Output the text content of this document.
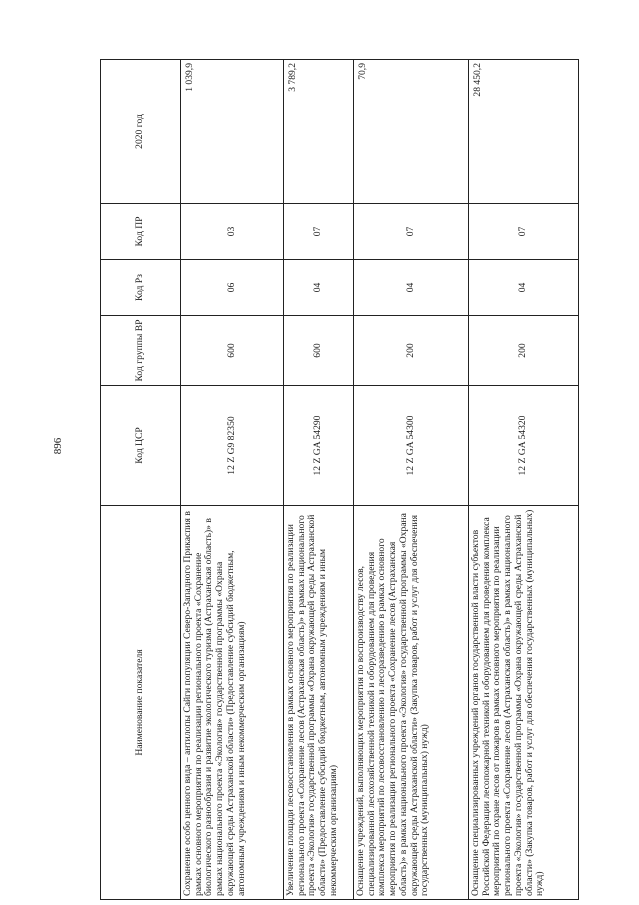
896
Наименование показателя	Код ЦСР	Код группы ВР	Код Рз	Код ПР	2020 год
Сохранение особо ценного вида – антилопы Сайги популяции Северо-Западного Прикаспия в рамках основного мероприятия по реализации регионального проекта «Сохранение биологического разнообразия и развитие экологического туризма (Астраханская область)» в рамках национального проекта «Экология» государственной программы «Охрана окружающей среды Астраханской области» (Предоставление субсидий бюджетным, автономным учреждениям и иным некоммерческим организациям)	12 Z G9 82350	600	06	03	1 039,9
Увеличение площади лесовосстановления в рамках основного мероприятия по реализации регионального проекта «Сохранение лесов (Астраханская область)» в рамках национального проекта «Экология» государственной программы «Охрана окружающей среды Астраханской области» (Предоставление субсидий бюджетным, автономным учреждениям и иным некоммерческим организациям)	12 Z GA 54290	600	04	07	3 789,2
Оснащение учреждений, выполняющих мероприятия по воспроизводству лесов, специализированной лесохозяйственной техникой и оборудованием для проведения комплекса мероприятий по лесовосстановлению и лесоразведению в рамках основного мероприятия по реализации регионального проекта «Сохранение лесов (Астраханская область)» в рамках национального проекта «Экология» государственной программы «Охрана окружающей среды Астраханской области» (Закупка товаров, работ и услуг для обеспечения государственных (муниципальных) нужд)	12 Z GA 54300	200	04	07	70,9
Оснащение специализированных учреждений органов государственной власти субъектов Российской Федерации лесопожарной техникой и оборудованием для проведения комплекса мероприятий по охране лесов от пожаров в рамках основного мероприятия по реализации регионального проекта «Сохранение лесов (Астраханская область)» в рамках национального проекта «Экология» государственной программы «Охрана окружающей среды Астраханской области» (Закупка товаров, работ и услуг для обеспечения государственных (муниципальных) нужд)	12 Z GA 54320	200	04	07	28 450,2
